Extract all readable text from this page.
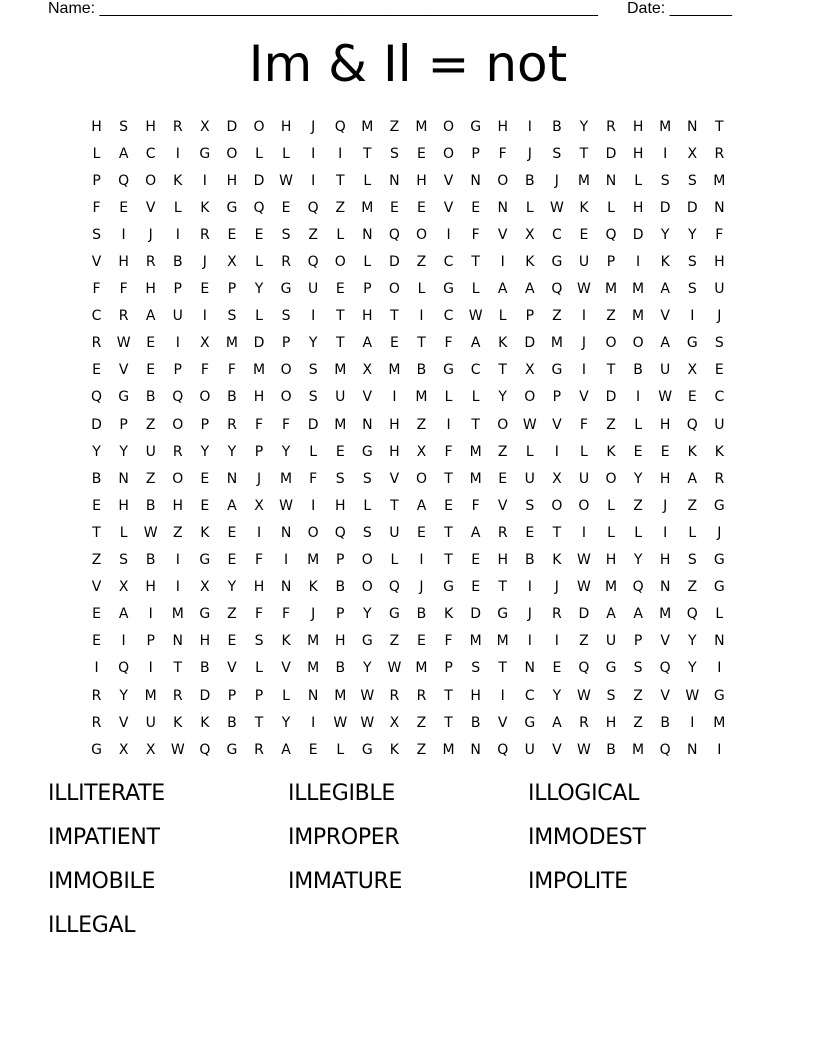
Name: ________________________________________________________ Date: _______
Im & Il = not
H	S	H	R	X	D	O	H	J	Q	M	Z	M	O	G	H	I	B	Y	R	H	M	N	T
L	A	C	I	G	O	L	L	I	I	T	S	E	O	P	F	J	S	T	D	H	I	X	R
P	Q	O	K	I	H	D	W	I	T	L	N	H	V	N	O	B	J	M	N	L	S	S	M
F	E	V	L	K	G	Q	E	Q	Z	M	E	E	V	E	N	L	W	K	L	H	D	D	N
S	I	J	I	R	E	E	S	Z	L	N	Q	O	I	F	V	X	C	E	Q	D	Y	Y	F
V	H	R	B	J	X	L	R	Q	O	L	D	Z	C	T	I	K	G	U	P	I	K	S	H
F	F	H	P	E	P	Y	G	U	E	P	O	L	G	L	A	A	Q	W	M	M	A	S	U
C	R	A	U	I	S	L	S	I	T	H	T	I	C	W	L	P	Z	I	Z	M	V	I	J
R	W	E	I	X	M	D	P	Y	T	A	E	T	F	A	K	D	M	J	O	O	A	G	S
E	V	E	P	F	F	M	O	S	M	X	M	B	G	C	T	X	G	I	T	B	U	X	E
Q	G	B	Q	O	B	H	O	S	U	V	I	M	L	L	Y	O	P	V	D	I	W	E	C
D	P	Z	O	P	R	F	F	D	M	N	H	Z	I	T	O	W	V	F	Z	L	H	Q	U
Y	Y	U	R	Y	Y	P	Y	L	E	G	H	X	F	M	Z	L	I	L	K	E	E	K	K
B	N	Z	O	E	N	J	M	F	S	S	V	O	T	M	E	U	X	U	O	Y	H	A	R
E	H	B	H	E	A	X	W	I	H	L	T	A	E	F	V	S	O	O	L	Z	J	Z	G
T	L	W	Z	K	E	I	N	O	Q	S	U	E	T	A	R	E	T	I	L	L	I	L	J
Z	S	B	I	G	E	F	I	M	P	O	L	I	T	E	H	B	K	W	H	Y	H	S	G
V	X	H	I	X	Y	H	N	K	B	O	Q	J	G	E	T	I	J	W	M	Q	N	Z	G
E	A	I	M	G	Z	F	F	J	P	Y	G	B	K	D	G	J	R	D	A	A	M	Q	L
E	I	P	N	H	E	S	K	M	H	G	Z	E	F	M	M	I	I	Z	U	P	V	Y	N
I	Q	I	T	B	V	L	V	M	B	Y	W	M	P	S	T	N	E	Q	G	S	Q	Y	I
R	Y	M	R	D	P	P	L	N	M	W	R	R	T	H	I	C	Y	W	S	Z	V	W	G
R	V	U	K	K	B	T	Y	I	W W	X	Z	T	B	V	G	A	R	H	Z	B	I	M
G	X	X	W	Q	G	R	A	E	L	G	K	Z	M	N	Q	U	V	W	B	M	Q	N	I
ILLITERATE	ILLEGIBLE	ILLOGICAL
IMPATIENT	IMPROPER	IMMODEST
IMMOBILE	IMMATURE	IMPOLITE
ILLEGAL
